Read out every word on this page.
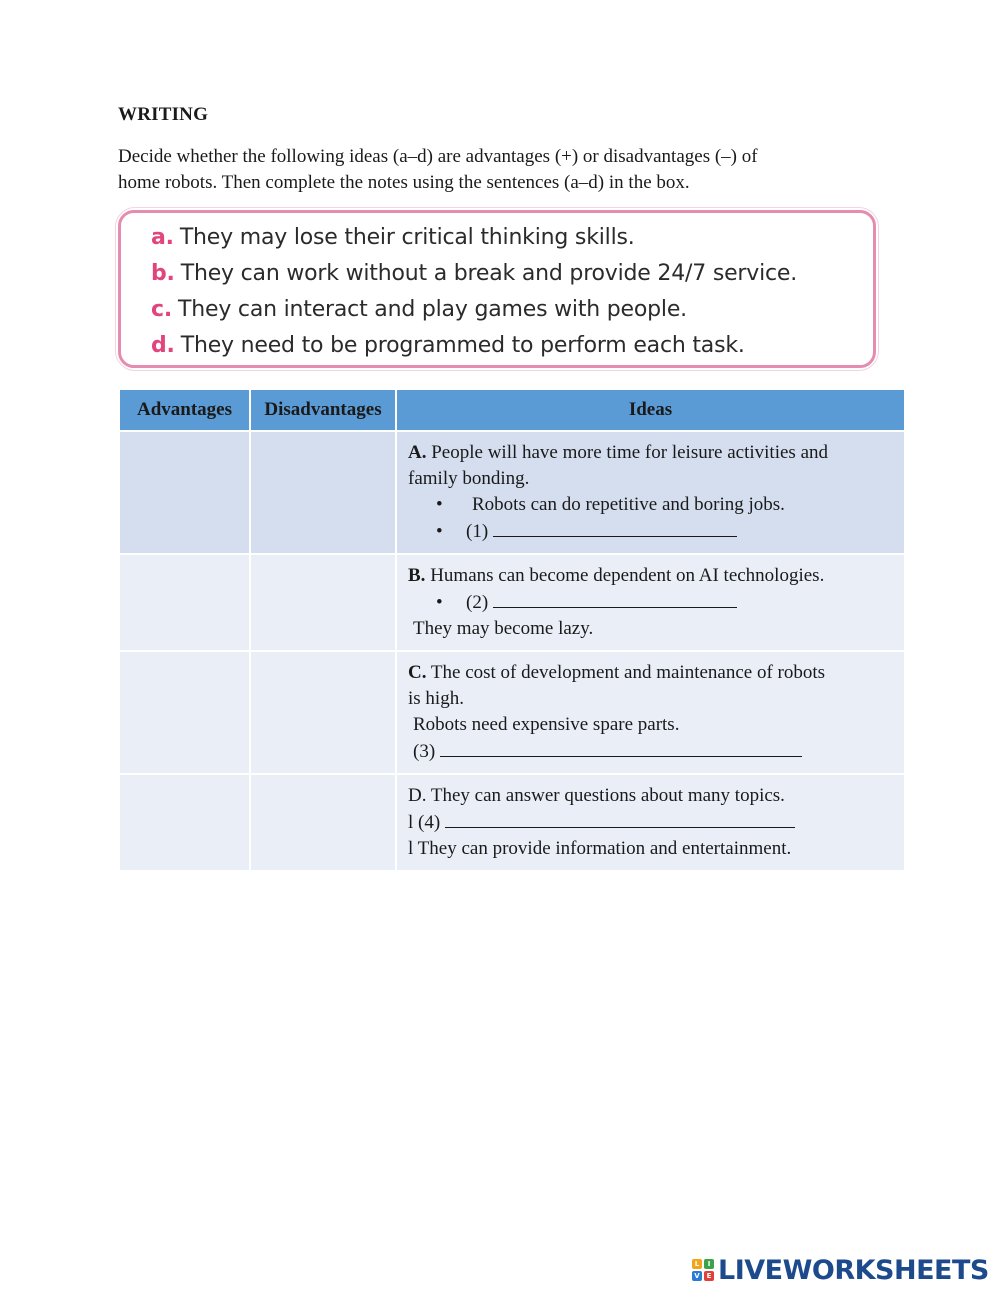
WRITING
Decide whether the following ideas (a–d) are advantages (+) or disadvantages (–) of
home robots. Then complete the notes using the sentences (a–d) in the box.
a. They may lose their critical thinking skills.
b. They can work without a break and provide 24/7 service.
c. They can interact and play games with people.
d. They need to be programmed to perform each task.
Advantages	Disadvantages	Ideas

		A. People will have more time for leisure activities and
family bonding.
• Robots can do repetitive and boring jobs.
• (1)

		B. Humans can become dependent on AI technologies.
• (2)
They may become lazy.

		C. The cost of development and maintenance of robots
is high.
Robots need expensive spare parts.
(3)

		D. They can answer questions about many topics.
l (4)
l They can provide information and entertainment.
L	I
V E LIVEWORKSHEETS
